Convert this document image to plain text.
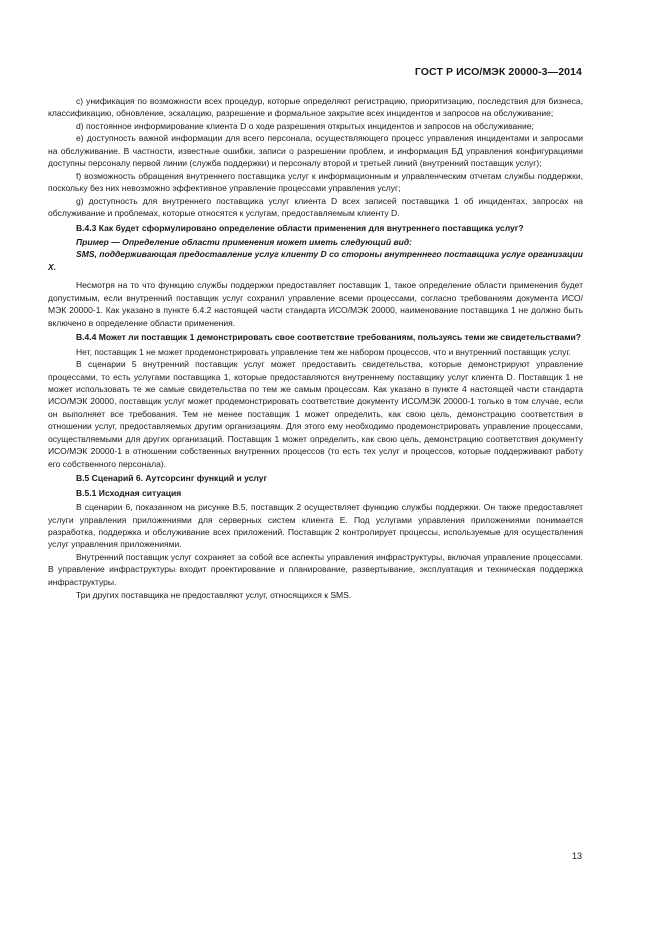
ГОСТ Р ИСО/МЭК 20000-3—2014

c) унификация по возможности всех процедур, которые определяют регистрацию, приоритизацию, последствия для бизнеса, классификацию, обновление, эскалацию, разрешение и формальное закрытие всех инцидентов и запросов на обслуживание;

d) постоянное информирование клиента D о ходе разрешения открытых инцидентов и запросов на обслуживание;

e) доступность важной информации для всего персонала, осуществляющего процесс управления инцидентами и запросами на обслуживание. В частности, известные ошибки, записи о разрешении проблем, и информация БД управления конфигурациями доступны персоналу первой линии (служба поддержки) и персоналу второй и третьей линий (внутренний поставщик услуг);

f) возможность обращения внутреннего поставщика услуг к информационным и управленческим отчетам службы поддержки, поскольку без них невозможно эффективное управление процессами управления услуг;

g) доступность для внутреннего поставщика услуг клиента D всех записей поставщика 1 об инцидентах, запросах на обслуживание и проблемах, которые относятся к услугам, предоставляемым клиенту D.

B.4.3 Как будет сформулировано определение области применения для внутреннего поставщика услуг?

Пример — Определение области применения может иметь следующий вид:

SMS, поддерживающая предоставление услуг клиенту D со стороны внутреннего поставщика услуг организации X.

Несмотря на то что функцию службы поддержки предоставляет поставщик 1, такое определение области применения будет допустимым, если внутренний поставщик услуг сохранил управление всеми процессами, согласно требованиям документа ИСО/МЭК 20000-1. Как указано в пункте 6.4.2 настоящей части стандарта ИСО/МЭК 20000, наименование поставщика 1 не должно быть включено в определение области применения.

B.4.4 Может ли поставщик 1 демонстрировать свое соответствие требованиям, пользуясь теми же свидетельствами?

Нет, поставщик 1 не может продемонстрировать управление тем же набором процессов, что и внутренний поставщик услуг.

В сценарии 5 внутренний поставщик услуг может предоставить свидетельства, которые демонстрируют управление процессами, то есть услугами поставщика 1, которые предоставляются внутреннему поставщику услуг клиента D. Поставщик 1 не может использовать те же самые свидетельства по тем же самым процессам. Как указано в пункте 4 настоящей части стандарта ИСО/МЭК 20000, поставщик услуг может продемонстрировать соответствие документу ИСО/МЭК 20000-1 только в том случае, если он выполняет все требования. Тем не менее поставщик 1 может определить, как свою цель, демонстрацию соответствия в отношении услуг, предоставляемых другим организациям. Для этого ему необходимо продемонстрировать управление процессами, осуществляемыми для других организаций. Поставщик 1 может определить, как свою цель, демонстрацию соответствия документу ИСО/МЭК 20000-1 в отношении собственных внутренних процессов (то есть тех услуг и процессов, которые поддерживают работу его собственного персонала).

B.5 Сценарий 6. Аутсорсинг функций и услуг

B.5.1 Исходная ситуация

В сценарии 6, показанном на рисунке B.5, поставщик 2 осуществляет функцию службы поддержки. Он также предоставляет услуги управления приложениями для серверных систем клиента E. Под услугами управления приложениями понимается разработка, поддержка и обслуживание всех приложений. Поставщик 2 контролирует процессы, используемые для осуществления услуг управления приложениями.

Внутренний поставщик услуг сохраняет за собой все аспекты управления инфраструктуры, включая управление процессами. В управление инфраструктуры входит проектирование и планирование, развертывание, эксплуатация и техническая поддержка инфраструктуры.

Три других поставщика не предоставляют услуг, относящихся к SMS.

13
